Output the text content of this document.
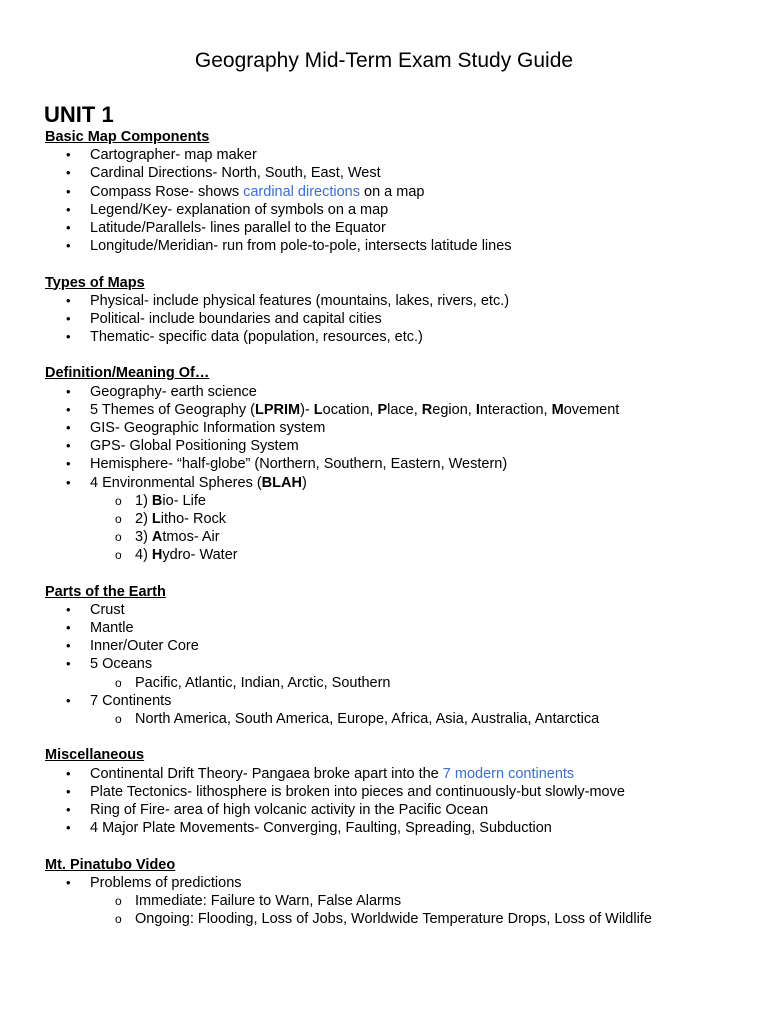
Geography Mid-Term Exam Study Guide
UNIT 1
Basic Map Components
• Cartographer- map maker
• Cardinal Directions- North, South, East, West
• Compass Rose- shows cardinal directions on a map
• Legend/Key- explanation of symbols on a map
• Latitude/Parallels- lines parallel to the Equator
• Longitude/Meridian- run from pole-to-pole, intersects latitude lines
Types of Maps
• Physical- include physical features (mountains, lakes, rivers, etc.)
• Political- include boundaries and capital cities
• Thematic- specific data (population, resources, etc.)
Definition/Meaning Of…
• Geography- earth science
• 5 Themes of Geography (LPRIM)- Location, Place, Region, Interaction, Movement
• GIS- Geographic Information system
• GPS- Global Positioning System
• Hemisphere- “half-globe” (Northern, Southern, Eastern, Western)
• 4 Environmental Spheres (BLAH)
o 1) Bio- Life
o 2) Litho- Rock
o 3) Atmos- Air
o 4) Hydro- Water
Parts of the Earth
• Crust
• Mantle
• Inner/Outer Core
• 5 Oceans
o Pacific, Atlantic, Indian, Arctic, Southern
• 7 Continents
o North America, South America, Europe, Africa, Asia, Australia, Antarctica
Miscellaneous
• Continental Drift Theory- Pangaea broke apart into the 7 modern continents
• Plate Tectonics- lithosphere is broken into pieces and continuously-but slowly-move
• Ring of Fire- area of high volcanic activity in the Pacific Ocean
• 4 Major Plate Movements- Converging, Faulting, Spreading, Subduction
Mt. Pinatubo Video
• Problems of predictions
o Immediate: Failure to Warn, False Alarms
o Ongoing: Flooding, Loss of Jobs, Worldwide Temperature Drops, Loss of Wildlife
